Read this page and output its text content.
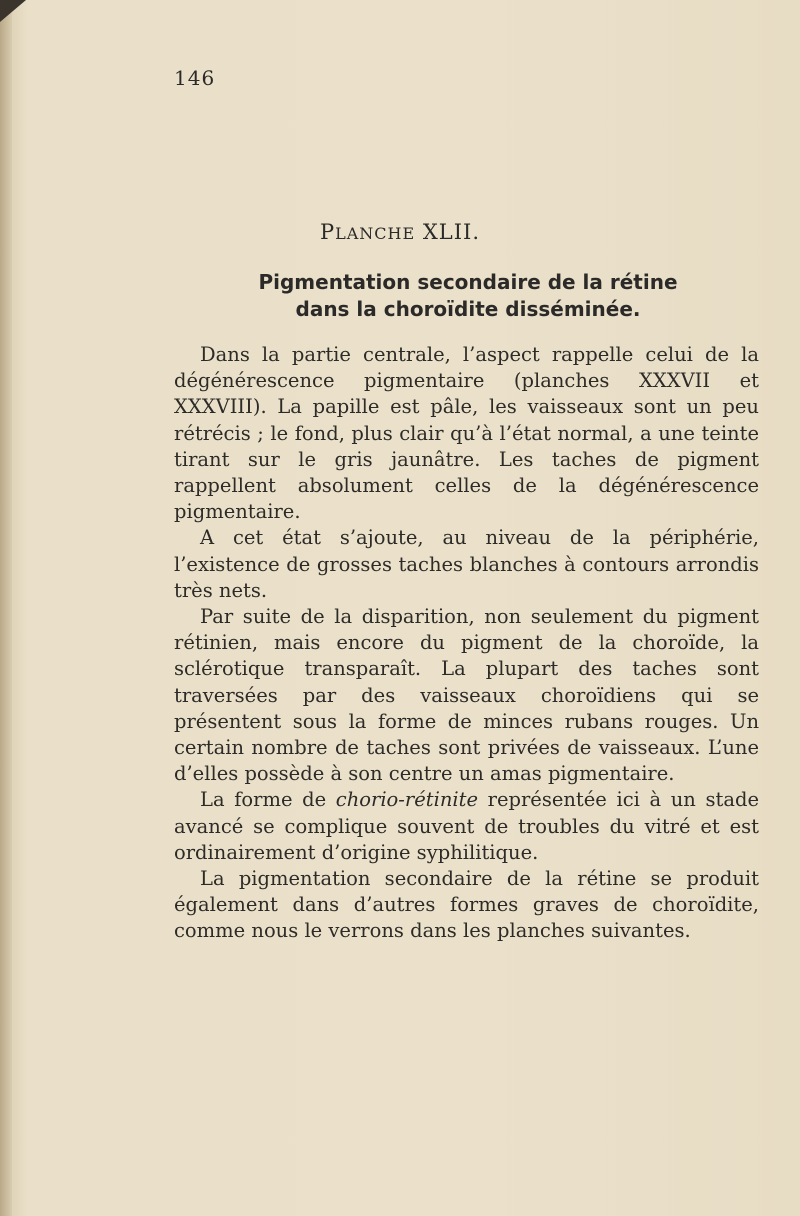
146
PLANCHE XLII.
Pigmentation secondaire de la rétine
dans la choroïdite disséminée.

Dans la partie centrale, l’aspect rappelle celui de la dégénérescence pigmentaire (planches XXXVII et XXXVIII). La papille est pâle, les vaisseaux sont un peu rétrécis ; le fond, plus clair qu’à l’état normal, a une teinte tirant sur le gris jaunâtre. Les taches de pigment rappellent absolument celles de la dégénérescence pigmentaire.

A cet état s’ajoute, au niveau de la périphérie, l’existence de grosses taches blanches à contours arrondis très nets.

Par suite de la disparition, non seulement du pigment rétinien, mais encore du pigment de la choroïde, la sclérotique transparaît. La plupart des taches sont traversées par des vaisseaux choroïdiens qui se présentent sous la forme de minces rubans rouges. Un certain nombre de taches sont privées de vaisseaux. L’une d’elles possède à son centre un amas pigmentaire.

La forme de chorio-rétinite représentée ici à un stade avancé se complique souvent de troubles du vitré et est ordinairement d’origine syphilitique.

La pigmentation secondaire de la rétine se produit également dans d’autres formes graves de choroïdite, comme nous le verrons dans les planches suivantes.
